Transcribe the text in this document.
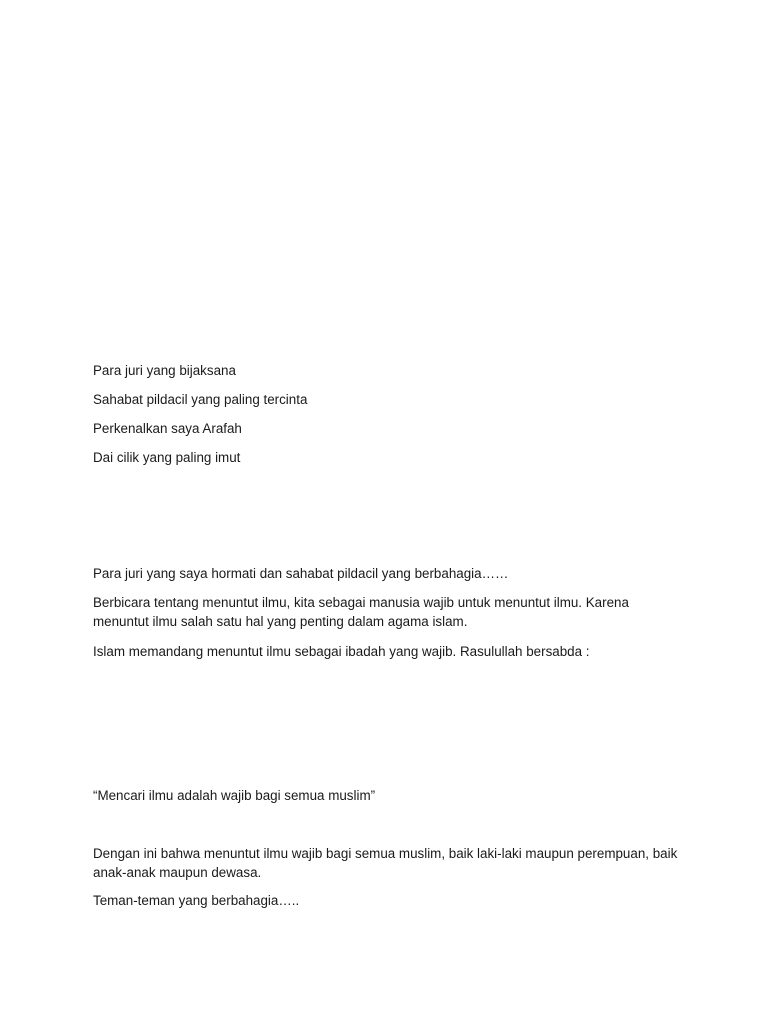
Para juri yang bijaksana

Sahabat pildacil yang paling tercinta

Perkenalkan saya Arafah

Dai cilik yang paling imut

Para juri yang saya hormati dan sahabat pildacil yang berbahagia……

Berbicara tentang menuntut ilmu, kita sebagai manusia wajib untuk menuntut ilmu. Karena menuntut ilmu salah satu hal yang penting dalam agama islam.

Islam memandang menuntut ilmu sebagai ibadah yang wajib. Rasulullah bersabda :

“Mencari ilmu adalah wajib bagi semua muslim”

Dengan ini bahwa menuntut ilmu wajib bagi semua muslim, baik laki-laki maupun perempuan, baik anak-anak maupun dewasa.

Teman-teman yang berbahagia…..
